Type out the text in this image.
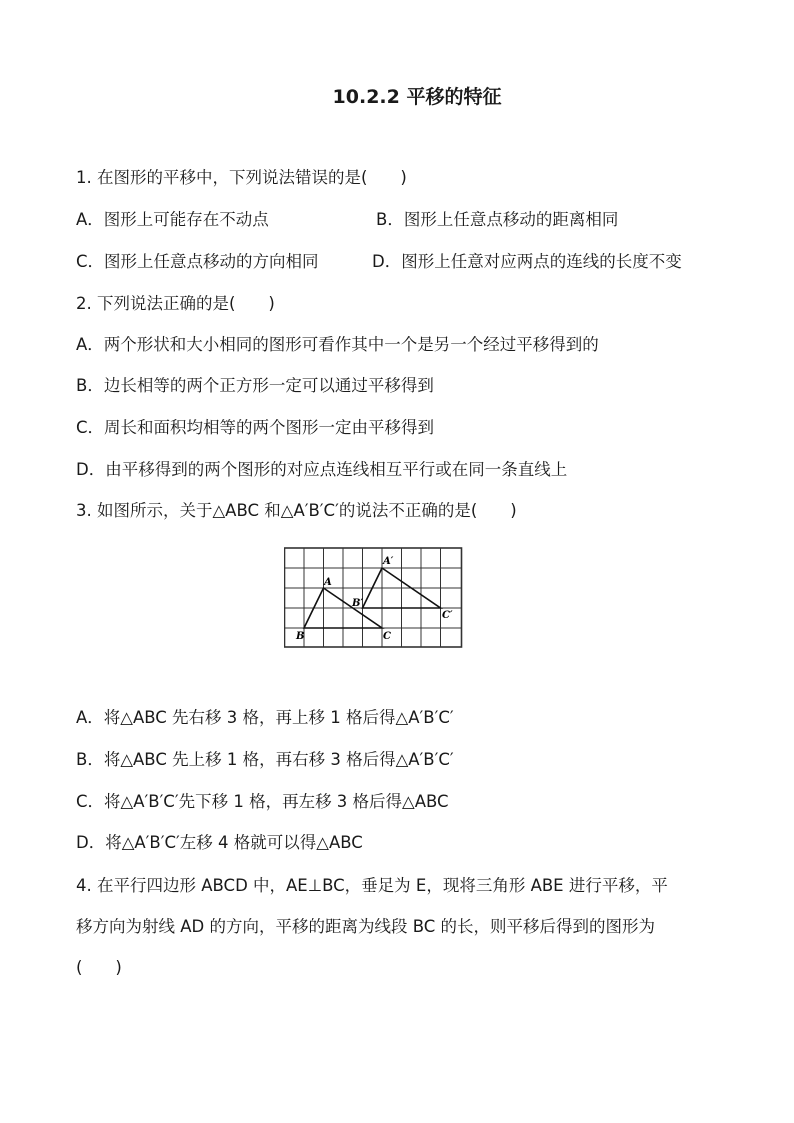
10.2.2 平移的特征
1. 在图形的平移中，下列说法错误的是(　　)
A．图形上可能存在不动点	B．图形上任意点移动的距离相同
C．图形上任意点移动的方向相同	D．图形上任意对应两点的连线的长度不变
2. 下列说法正确的是(　　)
A．两个形状和大小相同的图形可看作其中一个是另一个经过平移得到的
B．边长相等的两个正方形一定可以通过平移得到
C．周长和面积均相等的两个图形一定由平移得到
D．由平移得到的两个图形的对应点连线相互平行或在同一条直线上
3. 如图所示，关于△ABC 和△A′B′C′的说法不正确的是(　　)
A
B	C
A′
B′
C′
A．将△ABC 先右移 3 格，再上移 1 格后得△A′B′C′
B．将△ABC 先上移 1 格，再右移 3 格后得△A′B′C′
C．将△A′B′C′先下移 1 格，再左移 3 格后得△ABC
D．将△A′B′C′左移 4 格就可以得△ABC
4. 在平行四边形 ABCD 中，AE⊥BC，垂足为 E，现将三角形 ABE 进行平移，平
移方向为射线 AD 的方向，平移的距离为线段 BC 的长，则平移后得到的图形为
(　　)
